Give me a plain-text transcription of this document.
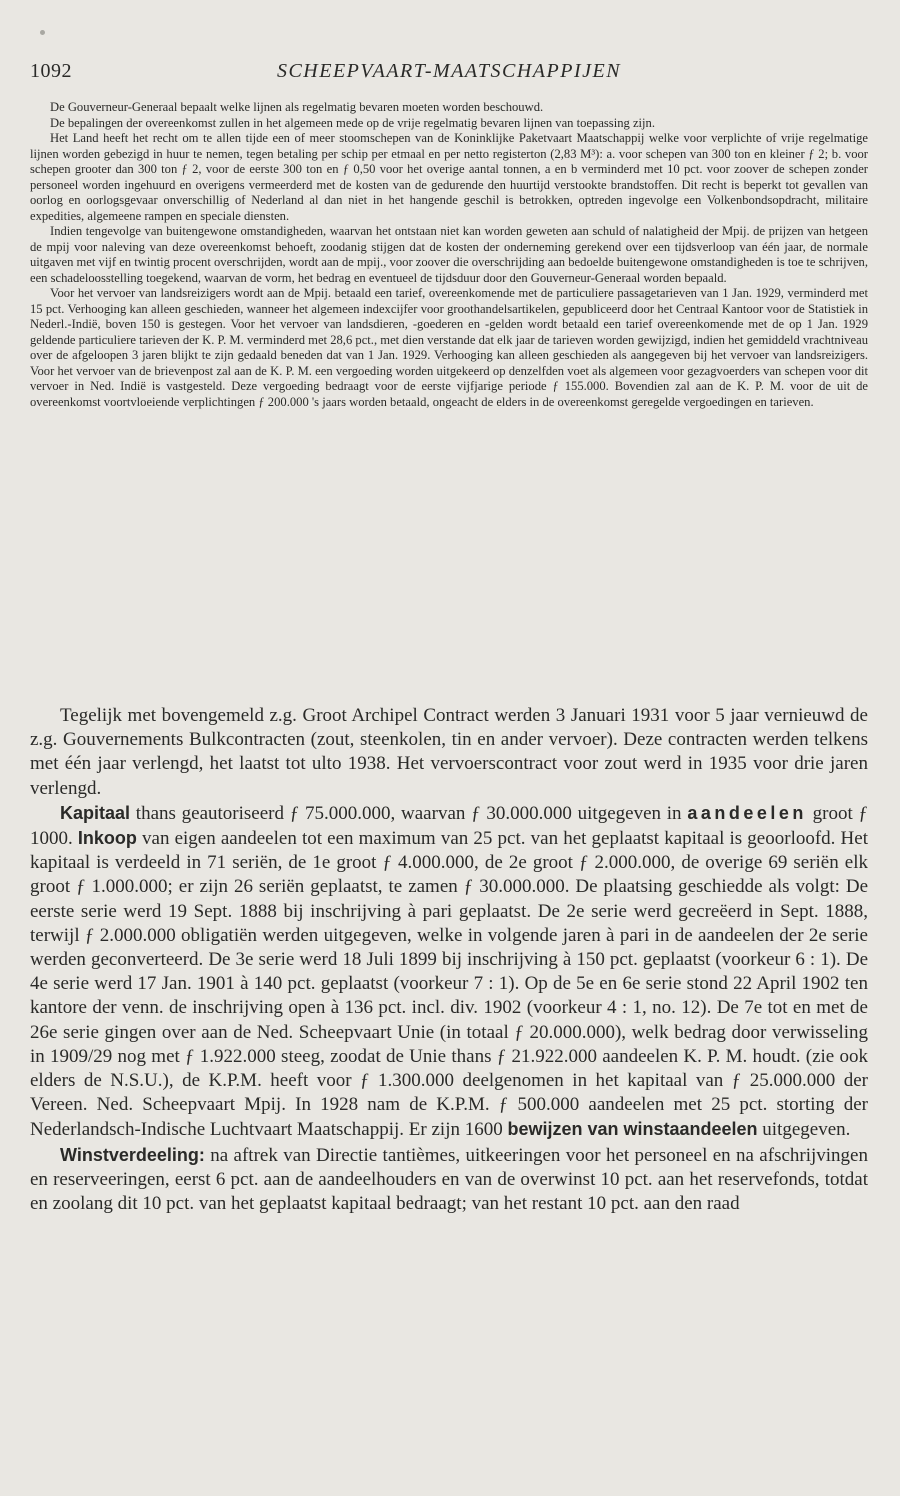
1092	SCHEEPVAART-MAATSCHAPPIJEN

De Gouverneur-Generaal bepaalt welke lijnen als regelmatig bevaren moeten worden beschouwd.

De bepalingen der overeenkomst zullen in het algemeen mede op de vrije regelmatig bevaren lijnen van toepassing zijn.

Het Land heeft het recht om te allen tijde een of meer stoomschepen van de Koninklijke Paketvaart Maatschappij welke voor verplichte of vrije regelmatige lijnen worden gebezigd in huur te nemen, tegen betaling per schip per etmaal en per netto registerton (2,83 M³): a. voor schepen van 300 ton en kleiner ƒ 2; b. voor schepen grooter dan 300 ton ƒ 2, voor de eerste 300 ton en ƒ 0,50 voor het overige aantal tonnen, a en b verminderd met 10 pct. voor zoover de schepen zonder personeel worden ingehuurd en overigens vermeerderd met de kosten van de gedurende den huurtijd verstookte brandstoffen. Dit recht is beperkt tot gevallen van oorlog en oorlogsgevaar onverschillig of Nederland al dan niet in het hangende geschil is betrokken, optreden ingevolge een Volkenbondsopdracht, militaire expedities, algemeene rampen en speciale diensten.

Indien tengevolge van buitengewone omstandigheden, waarvan het ontstaan niet kan worden geweten aan schuld of nalatigheid der Mpij. de prijzen van hetgeen de mpij voor naleving van deze overeenkomst behoeft, zoodanig stijgen dat de kosten der onderneming gerekend over een tijdsverloop van één jaar, de normale uitgaven met vijf en twintig procent overschrijden, wordt aan de mpij., voor zoover die overschrijding aan bedoelde buitengewone omstandigheden is toe te schrijven, een schadeloosstelling toegekend, waarvan de vorm, het bedrag en eventueel de tijdsduur door den Gouverneur-Generaal worden bepaald.

Voor het vervoer van landsreizigers wordt aan de Mpij. betaald een tarief, overeenkomende met de particuliere passagetarieven van 1 Jan. 1929, verminderd met 15 pct. Verhooging kan alleen geschieden, wanneer het algemeen indexcijfer voor groothandelsartikelen, gepubliceerd door het Centraal Kantoor voor de Statistiek in Nederl.-Indië, boven 150 is gestegen. Voor het vervoer van landsdieren, -goederen en -gelden wordt betaald een tarief overeenkomende met de op 1 Jan. 1929 geldende particuliere tarieven der K. P. M. verminderd met 28,6 pct., met dien verstande dat elk jaar de tarieven worden gewijzigd, indien het gemiddeld vrachtniveau over de afgeloopen 3 jaren blijkt te zijn gedaald beneden dat van 1 Jan. 1929. Verhooging kan alleen geschieden als aangegeven bij het vervoer van landsreizigers. Voor het vervoer van de brievenpost zal aan de K. P. M. een vergoeding worden uitgekeerd op denzelfden voet als algemeen voor gezagvoerders van schepen voor dit vervoer in Ned. Indië is vastgesteld. Deze vergoeding bedraagt voor de eerste vijfjarige periode ƒ 155.000. Bovendien zal aan de K. P. M. voor de uit de overeenkomst voortvloeiende verplichtingen ƒ 200.000 's jaars worden betaald, ongeacht de elders in de overeenkomst geregelde vergoedingen en tarieven.

Tegelijk met bovengemeld z.g. Groot Archipel Contract werden 3 Januari 1931 voor 5 jaar vernieuwd de z.g. Gouvernements Bulkcontracten (zout, steenkolen, tin en ander vervoer). Deze contracten werden telkens met één jaar verlengd, het laatst tot ulto 1938. Het vervoerscontract voor zout werd in 1935 voor drie jaren verlengd.

Kapitaal thans geautoriseerd ƒ 75.000.000, waarvan ƒ 30.000.000 uitgegeven in aandeelen groot ƒ 1000. Inkoop van eigen aandeelen tot een maximum van 25 pct. van het geplaatst kapitaal is geoorloofd. Het kapitaal is verdeeld in 71 seriën, de 1e groot ƒ 4.000.000, de 2e groot ƒ 2.000.000, de overige 69 seriën elk groot ƒ 1.000.000; er zijn 26 seriën geplaatst, te zamen ƒ 30.000.000. De plaatsing geschiedde als volgt: De eerste serie werd 19 Sept. 1888 bij inschrijving à pari geplaatst. De 2e serie werd gecreëerd in Sept. 1888, terwijl ƒ 2.000.000 obligatiën werden uitgegeven, welke in volgende jaren à pari in de aandeelen der 2e serie werden geconverteerd. De 3e serie werd 18 Juli 1899 bij inschrijving à 150 pct. geplaatst (voorkeur 6 : 1). De 4e serie werd 17 Jan. 1901 à 140 pct. geplaatst (voorkeur 7 : 1). Op de 5e en 6e serie stond 22 April 1902 ten kantore der venn. de inschrijving open à 136 pct. incl. div. 1902 (voorkeur 4 : 1, no. 12). De 7e tot en met de 26e serie gingen over aan de Ned. Scheepvaart Unie (in totaal ƒ 20.000.000), welk bedrag door verwisseling in 1909/29 nog met ƒ 1.922.000 steeg, zoodat de Unie thans ƒ 21.922.000 aandeelen K. P. M. houdt. (zie ook elders de N.S.U.), de K.P.M. heeft voor ƒ 1.300.000 deelgenomen in het kapitaal van ƒ 25.000.000 der Vereen. Ned. Scheepvaart Mpij. In 1928 nam de K.P.M. ƒ 500.000 aandeelen met 25 pct. storting der Nederlandsch-Indische Luchtvaart Maatschappij. Er zijn 1600 bewijzen van winstaandeelen uitgegeven.

Winstverdeeling: na aftrek van Directie tantièmes, uitkeeringen voor het personeel en na afschrijvingen en reserveeringen, eerst 6 pct. aan de aandeelhouders en van de overwinst 10 pct. aan het reservefonds, totdat en zoolang dit 10 pct. van het geplaatst kapitaal bedraagt; van het restant 10 pct. aan den raad
